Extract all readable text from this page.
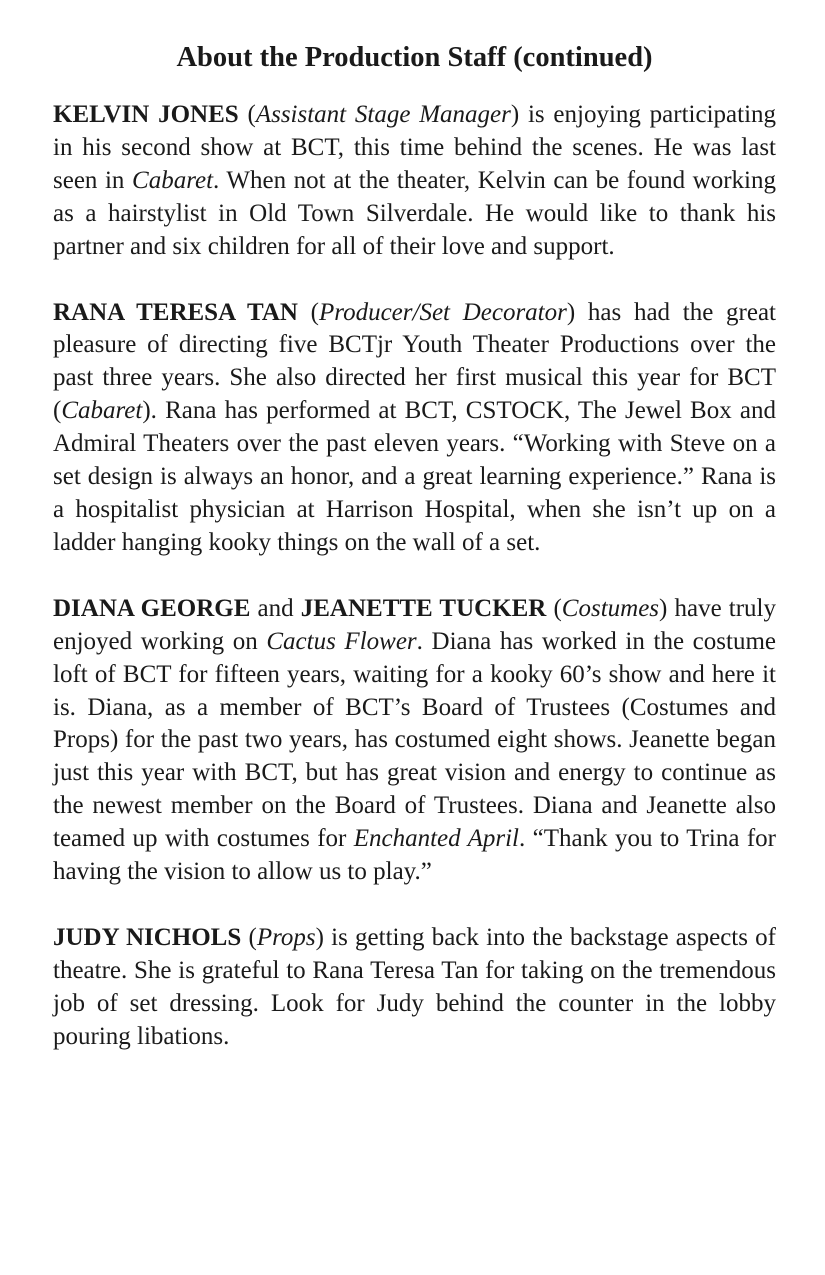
About the Production Staff (continued)

KELVIN JONES (Assistant Stage Manager) is enjoying participating in his second show at BCT, this time behind the scenes. He was last seen in Cabaret. When not at the theater, Kelvin can be found working as a hairstylist in Old Town Silverdale. He would like to thank his partner and six children for all of their love and support.

RANA TERESA TAN (Producer/Set Decorator) has had the great pleasure of directing five BCTjr Youth Theater Productions over the past three years. She also directed her first musical this year for BCT (Cabaret). Rana has performed at BCT, CSTOCK, The Jewel Box and Admiral Theaters over the past eleven years. “Working with Steve on a set design is always an honor, and a great learning experience.” Rana is a hospitalist physician at Harrison Hospital, when she isn’t up on a ladder hanging kooky things on the wall of a set.

DIANA GEORGE and JEANETTE TUCKER (Costumes) have truly enjoyed working on Cactus Flower. Diana has worked in the costume loft of BCT for fifteen years, waiting for a kooky 60’s show and here it is. Diana, as a member of BCT’s Board of Trustees (Costumes and Props) for the past two years, has costumed eight shows. Jeanette began just this year with BCT, but has great vision and energy to continue as the newest member on the Board of Trustees. Diana and Jeanette also teamed up with costumes for Enchanted April. “Thank you to Trina for having the vision to allow us to play.”

JUDY NICHOLS (Props) is getting back into the backstage aspects of theatre. She is grateful to Rana Teresa Tan for taking on the tremendous job of set dressing. Look for Judy behind the counter in the lobby pouring libations.
